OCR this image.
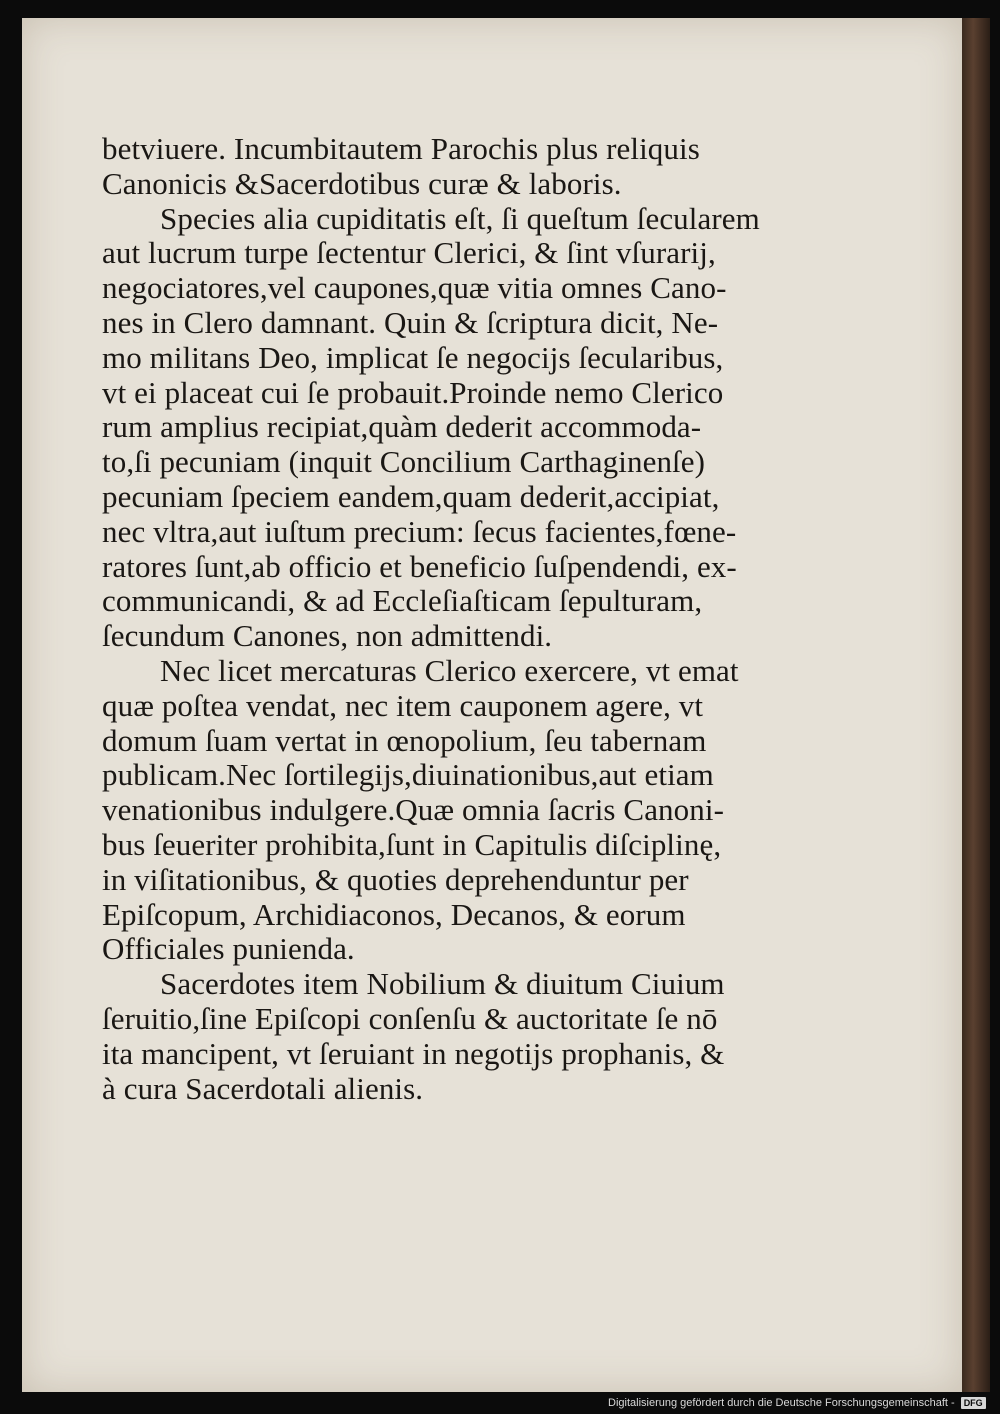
betviuere. Incumbitautem Parochis plus reliquis
Canonicis &Sacerdotibus curæ & laboris.
Species alia cupiditatis eſt, ſi queſtum ſecularem
aut lucrum turpe ſectentur Clerici, & ſint vſurarij,
negociatores,vel caupones,quæ vitia omnes Cano-
nes in Clero damnant. Quin & ſcriptura dicit, Ne-
mo militans Deo, implicat ſe negocijs ſecularibus,
vt ei placeat cui ſe probauit.Proinde nemo Clerico
rum amplius recipiat,quàm dederit accommoda-
to,ſi pecuniam (inquit Concilium Carthaginenſe)
pecuniam ſpeciem eandem,quam dederit,accipiat,
nec vltra,aut iuſtum precium: ſecus facientes,fœne-
ratores ſunt,ab officio et beneficio ſuſpendendi, ex-
communicandi, & ad Eccleſiaſticam ſepulturam,
ſecundum Canones, non admittendi.
Nec licet mercaturas Clerico exercere, vt emat
quæ poſtea vendat, nec item cauponem agere, vt
domum ſuam vertat in œnopolium, ſeu tabernam
publicam.Nec ſortilegijs,diuinationibus,aut etiam
venationibus indulgere.Quæ omnia ſacris Canoni-
bus ſeueriter prohibita,ſunt in Capitulis diſciplinę,
in viſitationibus, & quoties deprehenduntur per
Epiſcopum, Archidiaconos, Decanos, & eorum
Officiales punienda.
Sacerdotes item Nobilium & diuitum Ciuium
ſeruitio,ſine Epiſcopi conſenſu & auctoritate ſe nō
ita mancipent, vt ſeruiant in negotijs prophanis, &
à cura Sacerdotali alienis.
Digitalisierung gefördert durch die Deutsche Forschungsgemeinschaft -	DFG
